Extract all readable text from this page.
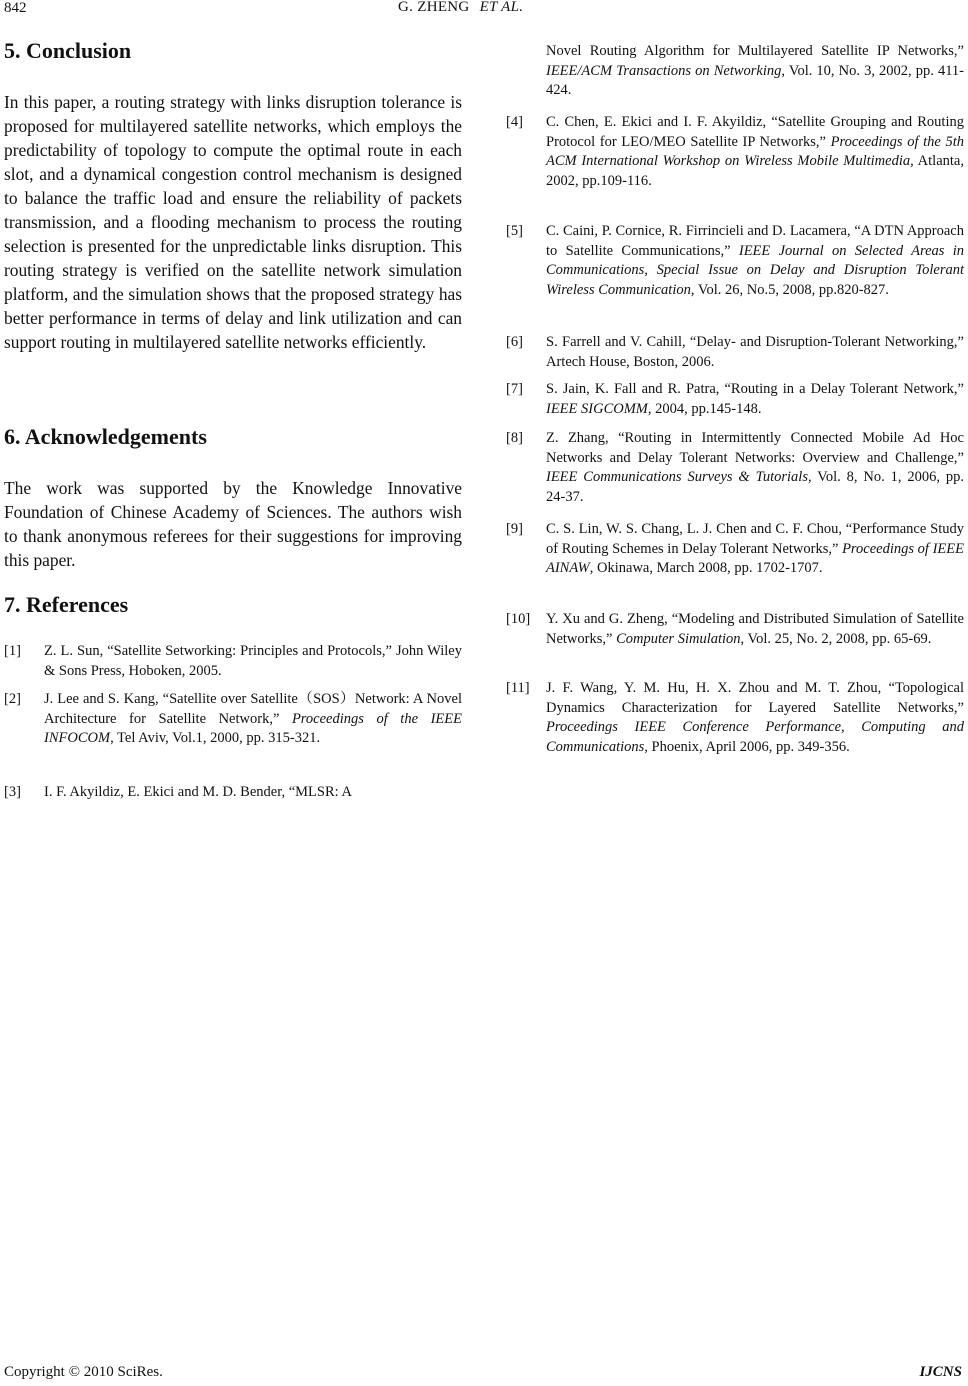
842	G. ZHENG ET AL.
5. Conclusion

In this paper, a routing strategy with links disruption tolerance is proposed for multilayered satellite networks, which employs the predictability of topology to compute the optimal route in each slot, and a dynamical congestion control mechanism is designed to balance the traffic load and ensure the reliability of packets transmission, and a flooding mechanism to process the routing selection is presented for the unpredictable links disruption. This routing strategy is verified on the satellite network simulation platform, and the simulation shows that the proposed strategy has better performance in terms of delay and link utilization and can support routing in multilayered satellite networks efficiently.

6. Acknowledgements

The work was supported by the Knowledge Innovative Foundation of Chinese Academy of Sciences. The authors wish to thank anonymous referees for their suggestions for improving this paper.

7. References
[1]	Z. L. Sun, “Satellite Setworking: Principles and Protocols,” John Wiley & Sons Press, Hoboken, 2005.
[2]	J. Lee and S. Kang, “Satellite over Satellite（SOS）Network: A Novel Architecture for Satellite Network,” Proceedings of the IEEE INFOCOM, Tel Aviv, Vol.1, 2000, pp. 315-321.
[3]	I. F. Akyildiz, E. Ekici and M. D. Bender, “MLSR: A
Novel Routing Algorithm for Multilayered Satellite IP Networks,” IEEE/ACM Transactions on Networking, Vol. 10, No. 3, 2002, pp. 411-424.
[4]	C. Chen, E. Ekici and I. F. Akyildiz, “Satellite Grouping and Routing Protocol for LEO/MEO Satellite IP Networks,” Proceedings of the 5th ACM International Workshop on Wireless Mobile Multimedia, Atlanta, 2002, pp.109-116.
[5]	C. Caini, P. Cornice, R. Firrincieli and D. Lacamera, “A DTN Approach to Satellite Communications,” IEEE Journal on Selected Areas in Communications, Special Issue on Delay and Disruption Tolerant Wireless Communication, Vol. 26, No.5, 2008, pp.820-827.
[6]	S. Farrell and V. Cahill, “Delay- and Disruption-Tolerant Networking,” Artech House, Boston, 2006.
[7]	S. Jain, K. Fall and R. Patra, “Routing in a Delay Tolerant Network,” IEEE SIGCOMM, 2004, pp.145-148.
[8]	Z. Zhang, “Routing in Intermittently Connected Mobile Ad Hoc Networks and Delay Tolerant Networks: Overview and Challenge,” IEEE Communications Surveys & Tutorials, Vol. 8, No. 1, 2006, pp. 24-37.
[9]	C. S. Lin, W. S. Chang, L. J. Chen and C. F. Chou, “Performance Study of Routing Schemes in Delay Tolerant Networks,” Proceedings of IEEE AINAW, Okinawa, March 2008, pp. 1702-1707.
[10]	Y. Xu and G. Zheng, “Modeling and Distributed Simulation of Satellite Networks,” Computer Simulation, Vol. 25, No. 2, 2008, pp. 65-69.
[11]	J. F. Wang, Y. M. Hu, H. X. Zhou and M. T. Zhou, “Topological Dynamics Characterization for Layered Satellite Networks,” Proceedings IEEE Conference Performance, Computing and Communications, Phoenix, April 2006, pp. 349-356.
Copyright © 2010 SciRes.	IJCNS
